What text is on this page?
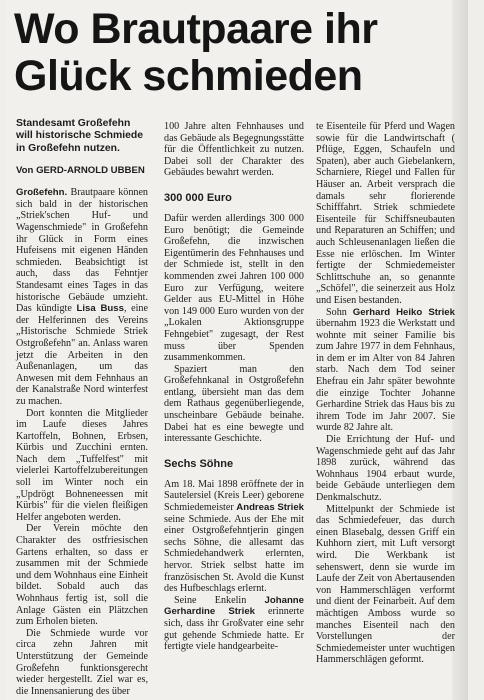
Wo Brautpaare ihr Glück schmieden

Standesamt Großefehn will historische Schmiede in Großefehn nutzen.

Von GERD-ARNOLD UBBEN

Großefehn. Brautpaare können sich bald in der historischen „Striek'schen Huf- und Wagenschmiede" in Großefehn ihr Glück in Form eines Hufeisens mit eigenen Händen schmieden. Beabsichtigt ist auch, dass das Fehntjer Standesamt eines Tages in das historische Gebäude umzieht. Das kündigte Lisa Buss, eine der Helferinnen des Vereins „Historische Schmiede Striek Ostgroßefehn" an. Anlass waren jetzt die Arbeiten in den Außenanlagen, um das Anwesen mit dem Fehnhaus an der Kanalstraße Nord winterfest zu machen.

Dort konnten die Mitglieder im Laufe dieses Jahres Kartoffeln, Bohnen, Erbsen, Kürbis und Zucchini ernten. Nach dem „Tuffelfest" mit vielerlei Kartoffelzubereitungen soll im Winter noch ein „Updrögt Bohneneessen mit Kürbis" für die vielen fleißigen Helfer angeboten werden.

Der Verein möchte den Charakter des ostfriesischen Gartens erhalten, so dass er zusammen mit der Schmiede und dem Wohnhaus eine Einheit bildet. Sobald auch das Wohnhaus fertig ist, soll die Anlage Gästen ein Plätzchen zum Erholen bieten.

Die Schmiede wurde vor circa zehn Jahren mit Unterstützung der Gemeinde Großefehn funktionsgerecht wieder hergestellt. Ziel war es, die Innensanierung des über

100 Jahre alten Fehnhauses und das Gebäude als Begegnungsstätte für die Öffentlichkeit zu nutzen. Dabei soll der Charakter des Gebäudes bewahrt werden.

300 000 Euro

Dafür werden allerdings 300 000 Euro benötigt; die Gemeinde Großefehn, die inzwischen Eigentümerin des Fehnhauses und der Schmiede ist, stellt in den kommenden zwei Jahren 100 000 Euro zur Verfügung, weitere Gelder aus EU-Mittel in Höhe von 149 000 Euro wurden von der „Lokalen Aktionsgruppe Fehngebiet" zugesagt, der Rest muss über Spenden zusammenkommen.

Spaziert man den Großefehnkanal in Ostgroßefehn entlang, übersieht man das dem dem Rathaus gegenüberliegende, unscheinbare Gebäude beinahe. Dabei hat es eine bewegte und interessante Geschichte.

Sechs Söhne

Am 18. Mai 1898 eröffnete der in Sautelersiel (Kreis Leer) geborene Schmiedemeister Andreas Striek seine Schmiede. Aus der Ehe mit einer Ostgroßefehntjerin gingen sechs Söhne, die allesamt das Schmiedehandwerk erlernten, hervor. Striek selbst hatte im französischen St. Avold die Kunst des Hufbeschlags erlernt.

Seine Enkelin Johanne Gerhardine Striek erinnerte sich, dass ihr Großvater eine sehr gut gehende Schmiede hatte. Er fertigte viele handgearbeite-

te Eisenteile für Pferd und Wagen sowie für die Landwirtschaft ( Pflüge, Eggen, Schaufeln und Spaten), aber auch Giebelankern, Scharniere, Riegel und Fallen für Häuser an. Arbeit versprach die damals sehr florierende Schifffahrt. Striek schmiedete Eisenteile für Schiffsneubauten und Reparaturen an Schiffen; und auch Schleusenanlagen ließen die Esse nie erlöschen. Im Winter fertigte der Schmiedemeister Schlittschuhe an, so genannte „Schöfel", die seinerzeit aus Holz und Eisen bestanden.

Sohn Gerhard Heiko Striek übernahm 1923 die Werkstatt und wohnte mit seiner Familie bis zum Jahre 1977 in dem Fehnhaus, in dem er im Alter von 84 Jahren starb. Nach dem Tod seiner Ehefrau ein Jahr später bewohnte die einzige Tochter Johanne Gerhardine Striek das Haus bis zu ihrem Tode im Jahr 2007. Sie wurde 82 Jahre alt.

Die Errichtung der Huf- und Wagenschmiede geht auf das Jahr 1898 zurück, während das Wohnhaus 1904 erbaut wurde, beide Gebäude unterliegen dem Denkmalschutz.

Mittelpunkt der Schmiede ist das Schmiedefeuer, das durch einen Blasebalg, dessen Griff ein Kuhhorn ziert, mit Luft versorgt wird. Die Werkbank ist sehenswert, denn sie wurde im Laufe der Zeit von Abertausenden von Hammerschlägen verformt und dient der Feinarbeit. Auf dem mächtigen Amboss wurde so manches Eisenteil nach den Vorstellungen der Schmiedemeister unter wuchtigen Hammerschlägen geformt.
